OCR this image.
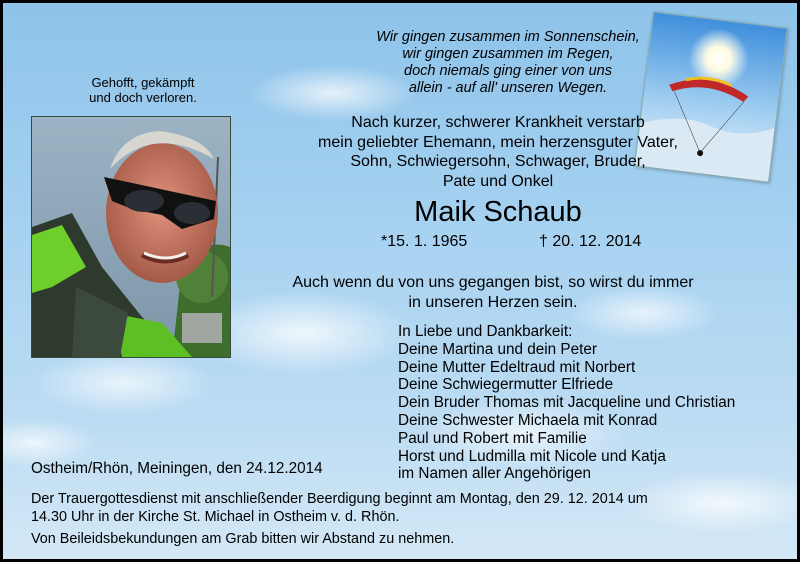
Wir gingen zusammen im Sonnenschein,
wir gingen zusammen im Regen,
doch niemals ging einer von uns
allein - auf all' unseren Wegen.
Gehofft, gekämpft
und doch verloren.
Nach kurzer, schwerer Krankheit verstarb
mein geliebter Ehemann, mein herzensguter Vater,
Sohn, Schwiegersohn, Schwager, Bruder,
Pate und Onkel
Maik Schaub
*15. 1. 1965	† 20. 12. 2014
Auch wenn du von uns gegangen bist, so wirst du immer
in unseren Herzen sein.
In Liebe und Dankbarkeit:
Deine Martina und dein Peter
Deine Mutter Edeltraud mit Norbert
Deine Schwiegermutter Elfriede
Dein Bruder Thomas mit Jacqueline und Christian
Deine Schwester Michaela mit Konrad
Paul und Robert mit Familie
Horst und Ludmilla mit Nicole und Katja
im Namen aller Angehörigen
Ostheim/Rhön, Meiningen, den 24.12.2014
Der Trauergottesdienst mit anschließender Beerdigung beginnt am Montag, den 29. 12. 2014 um
14.30 Uhr in der Kirche St. Michael in Ostheim v. d. Rhön.
Von Beileidsbekundungen am Grab bitten wir Abstand zu nehmen.
